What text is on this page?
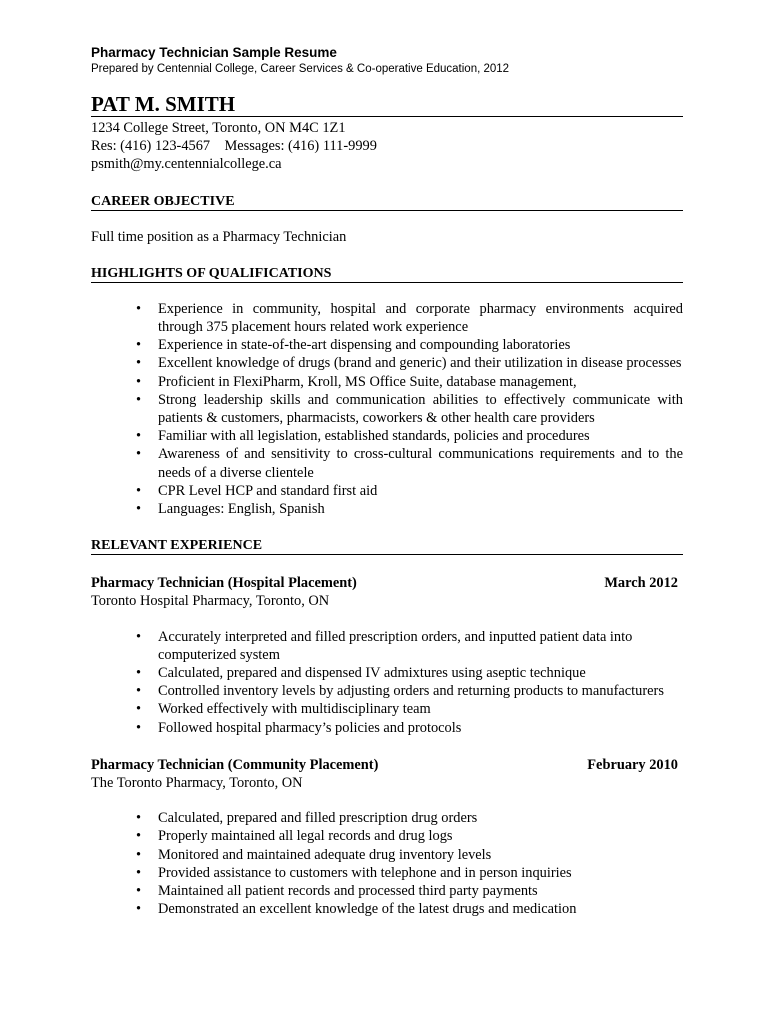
Pharmacy Technician Sample Resume
Prepared by Centennial College, Career Services & Co-operative Education, 2012
PAT M. SMITH
1234 College Street, Toronto, ON M4C 1Z1
Res: (416) 123-4567    Messages: (416) 111-9999
psmith@my.centennialcollege.ca
CAREER OBJECTIVE
Full time position as a Pharmacy Technician
HIGHLIGHTS OF QUALIFICATIONS
• Experience in community, hospital and corporate pharmacy environments acquired through 375 placement hours related work experience
• Experience in state-of-the-art dispensing and compounding laboratories
• Excellent knowledge of drugs (brand and generic) and their utilization in disease processes
• Proficient in FlexiPharm, Kroll, MS Office Suite, database management,
• Strong leadership skills and communication abilities to effectively communicate with patients & customers, pharmacists, coworkers & other health care providers
• Familiar with all legislation, established standards, policies and procedures
• Awareness of and sensitivity to cross-cultural communications requirements and to the needs of a diverse clientele
• CPR Level HCP and standard first aid
• Languages: English, Spanish
RELEVANT EXPERIENCE
Pharmacy Technician (Hospital Placement)	March 2012
Toronto Hospital Pharmacy, Toronto, ON
• Accurately interpreted and filled prescription orders, and inputted patient data into computerized system
• Calculated, prepared and dispensed IV admixtures using aseptic technique
• Controlled inventory levels by adjusting orders and returning products to manufacturers
• Worked effectively with multidisciplinary team
• Followed hospital pharmacy’s policies and protocols
Pharmacy Technician (Community Placement)	February 2010
The Toronto Pharmacy, Toronto, ON
• Calculated, prepared and filled prescription drug orders
• Properly maintained all legal records and drug logs
• Monitored and maintained adequate drug inventory levels
• Provided assistance to customers with telephone and in person inquiries
• Maintained all patient records and processed third party payments
• Demonstrated an excellent knowledge of the latest drugs and medication
